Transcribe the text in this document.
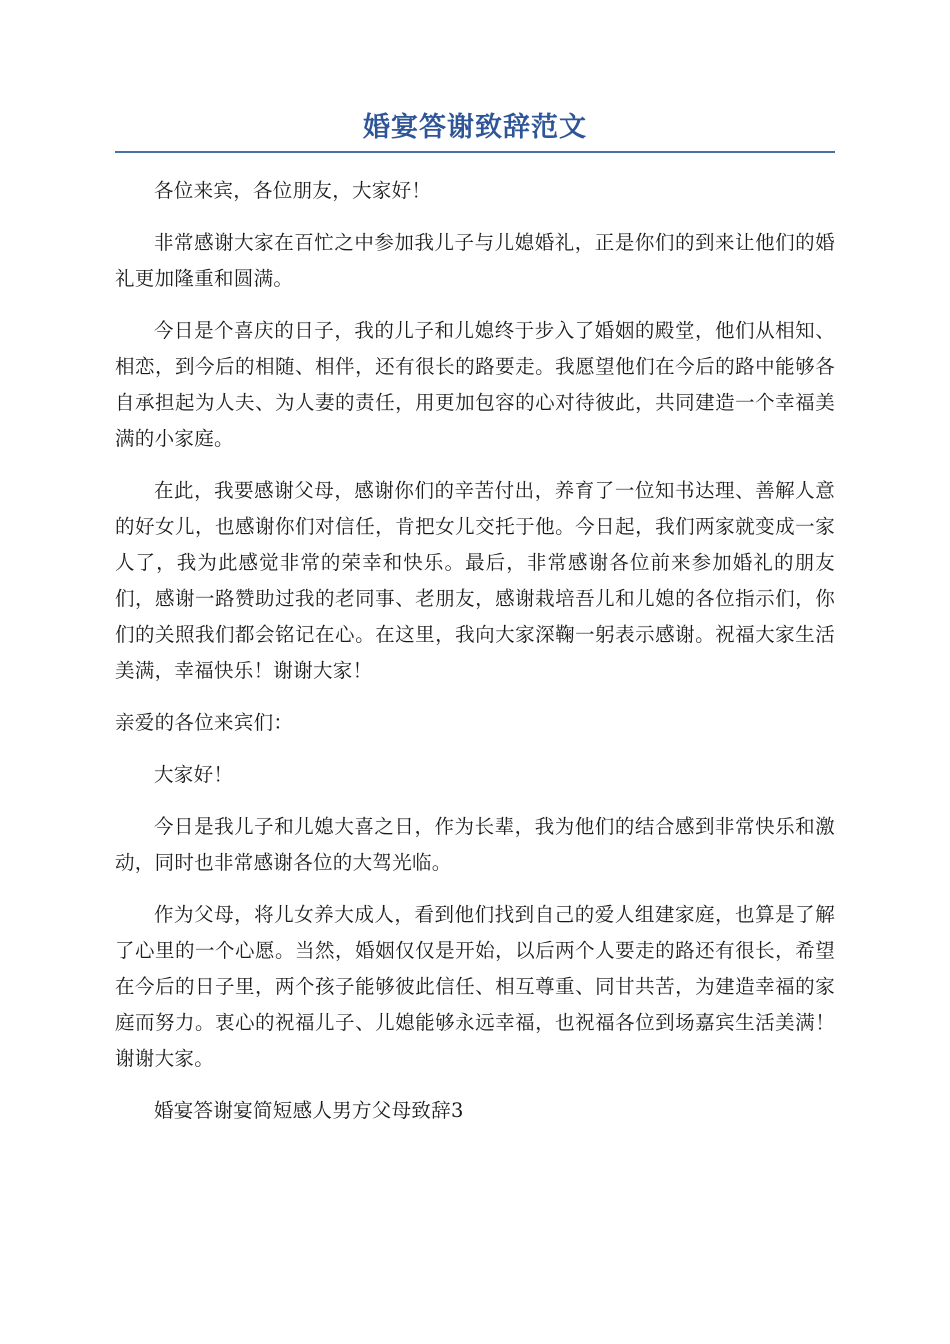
婚宴答谢致辞范文

各位来宾，各位朋友，大家好！

非常感谢大家在百忙之中参加我儿子与儿媳婚礼，正是你们的到来让他们的婚礼更加隆重和圆满。

今日是个喜庆的日子，我的儿子和儿媳终于步入了婚姻的殿堂，他们从相知、相恋，到今后的相随、相伴，还有很长的路要走。我愿望他们在今后的路中能够各自承担起为人夫、为人妻的责任，用更加包容的心对待彼此，共同建造一个幸福美满的小家庭。

在此，我要感谢父母，感谢你们的辛苦付出，养育了一位知书达理、善解人意的好女儿，也感谢你们对信任，肯把女儿交托于他。今日起，我们两家就变成一家人了，我为此感觉非常的荣幸和快乐。最后，非常感谢各位前来参加婚礼的朋友们，感谢一路赞助过我的老同事、老朋友，感谢栽培吾儿和儿媳的各位指示们，你们的关照我们都会铭记在心。在这里，我向大家深鞠一躬表示感谢。祝福大家生活美满，幸福快乐！谢谢大家！

亲爱的各位来宾们：

大家好！

今日是我儿子和儿媳大喜之日，作为长辈，我为他们的结合感到非常快乐和激动，同时也非常感谢各位的大驾光临。

作为父母，将儿女养大成人，看到他们找到自己的爱人组建家庭，也算是了解了心里的一个心愿。当然，婚姻仅仅是开始，以后两个人要走的路还有很长，希望在今后的日子里，两个孩子能够彼此信任、相互尊重、同甘共苦，为建造幸福的家庭而努力。衷心的祝福儿子、儿媳能够永远幸福，也祝福各位到场嘉宾生活美满！谢谢大家。

婚宴答谢宴简短感人男方父母致辞3
